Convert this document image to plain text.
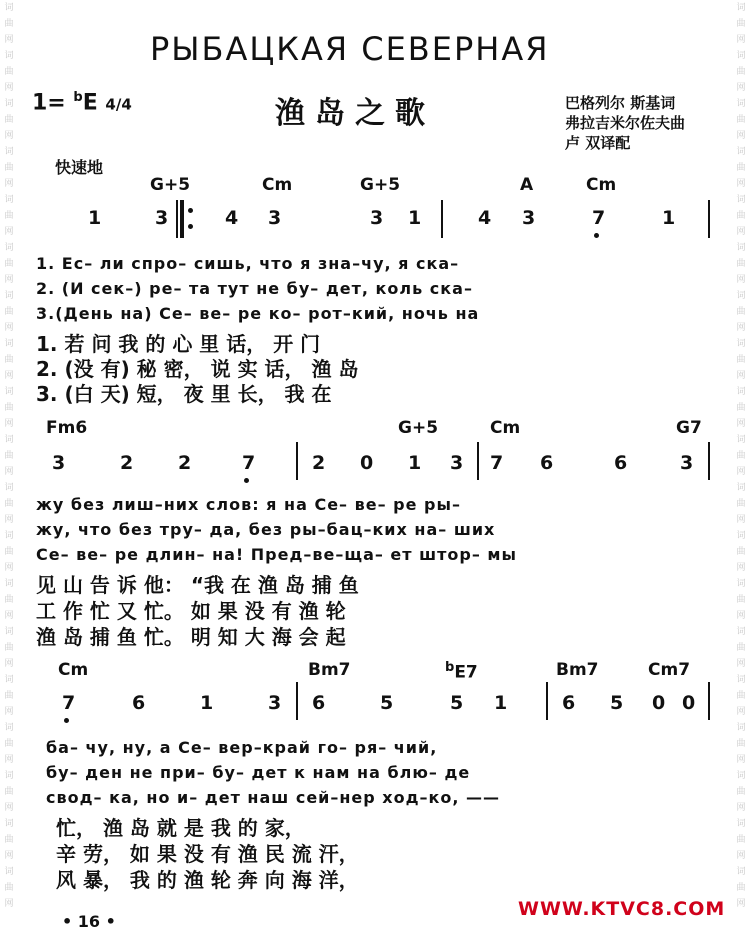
词
曲
网
词
曲
网
词
曲
网
词
曲
网
词
曲
网
词
曲
网
词
曲
网
词
曲
网
词
曲
网
词
曲
网
词
曲
网
词
曲
网
词
曲
网
词
曲
网
词
曲
网
词
曲
网
词
曲
网
词
曲
网
词
曲
网
词
曲
网
词
曲
网
词
曲
网
词
曲
网
词
曲
网
词
曲
网
词
曲
网
词
曲
网
词
曲
网
词
曲
网
词
曲
网
词
曲
网
词
曲
网
词
曲
网
词
曲
网
词
曲
网
词
曲
网
词
曲
网
词
曲
网
РЫБАЦКАЯ СЕВЕРНАЯ
1= $^b$E 4/4	渔岛之歌	巴格列尔 斯基词
弗拉吉米尔佐夫曲
卢 双译配
快速地
G+5	Cm	G+5	A	Cm
1	3	4 3	3 1	4 3	7	1
1. Ес– ли спро– сишь, что я зна–чу, я ска–
2. (И сек–) ре– та тут не бу– дет, коль ска–
3.(День на) Се– ве– ре ко– рот–кий, ночь на
1. 若 问 我 的 心 里 话， 开 门
2. (没 有) 秘 密， 说 实 话， 渔 岛
3. (白 天) 短， 夜 里 长， 我 在
Fm6	G+5	Cm	G7
3	2 2	7	2 0 1 3 7 6	6	3
жу без лиш–них слов: я на Се– ве– ре ры–
жу, что без тру– да, без ры–бац–ких на– ших
Се– ве– ре длин– на! Пред–ве–ща– ет штор– мы
见 山 告 诉 他： “我 在 渔 岛 捕 鱼
工 作 忙 又 忙。 如 果 没 有 渔 轮
渔 岛 捕 鱼 忙。 明 知 大 海 会 起
Cm	Bm7	$^b$E7	Bm7	Cm7
7	6	1	3 6	5	5 1	6 5 0 0
ба– чу, ну, а Се– вер–край го– ря– чий,
бу– ден не при– бу– дет к нам на блю– де
свод– ка, но и– дет наш сей–нер ход–ко, ——
忙， 渔 岛 就 是 我 的 家，
辛 劳， 如 果 没 有 渔 民 流 汗，
风 暴， 我 的 渔 轮 奔 向 海 洋，
• 16 •
WWW.KTVC8.COM
